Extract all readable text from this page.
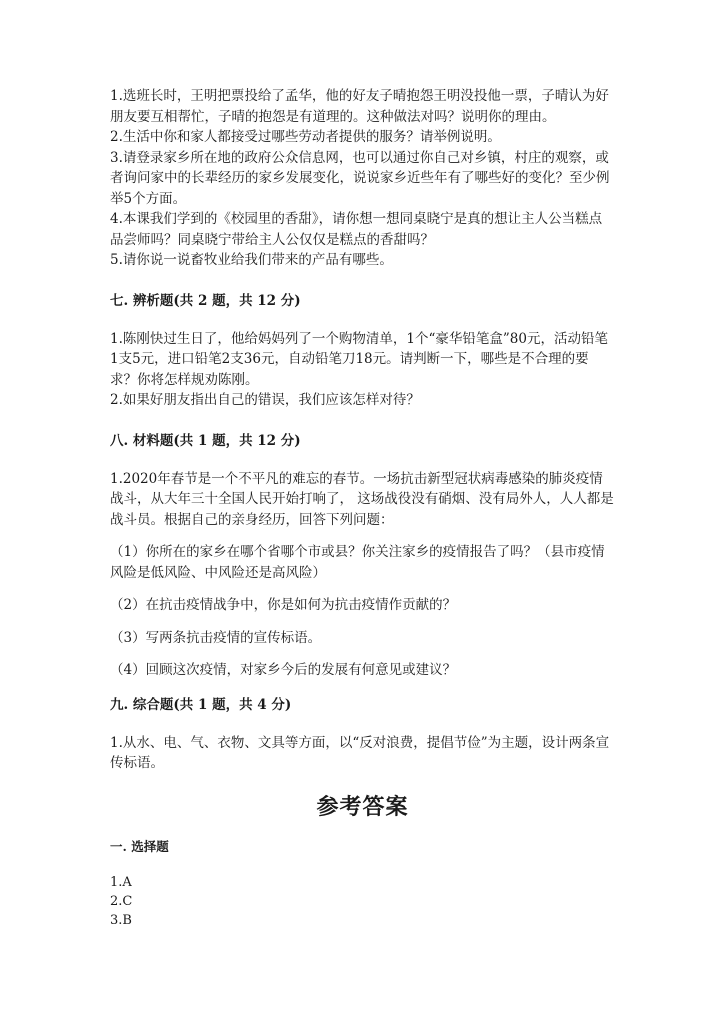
1.选班长时，王明把票投给了孟华，他的好友子晴抱怨王明没投他一票，子晴认为好朋友要互相帮忙，子晴的抱怨是有道理的。这种做法对吗？说明你的理由。

2.生活中你和家人都接受过哪些劳动者提供的服务？请举例说明。

3.请登录家乡所在地的政府公众信息网，也可以通过你自己对乡镇，村庄的观察，或者询问家中的长辈经历的家乡发展变化，说说家乡近些年有了哪些好的变化？至少例举5个方面。

4.本课我们学到的《校园里的香甜》，请你想一想同桌晓宁是真的想让主人公当糕点品尝师吗？同桌晓宁带给主人公仅仅是糕点的香甜吗？

5.请你说一说畜牧业给我们带来的产品有哪些。

七. 辨析题(共 2 题，共 12 分)

1.陈刚快过生日了，他给妈妈列了一个购物清单，1个“豪华铅笔盒”80元，活动铅笔1支5元，进口铅笔2支36元，自动铅笔刀18元。请判断一下，哪些是不合理的要求？你将怎样规劝陈刚。

2.如果好朋友指出自己的错误，我们应该怎样对待？

八. 材料题(共 1 题，共 12 分)

1.2020年春节是一个不平凡的难忘的春节。一场抗击新型冠状病毒感染的肺炎疫情战斗，从大年三十全国人民开始打响了， 这场战役没有硝烟、没有局外人，人人都是战斗员。根据自己的亲身经历，回答下列问题：

（1）你所在的家乡在哪个省哪个市或县？你关注家乡的疫情报告了吗？（县市疫情风险是低风险、中风险还是高风险）

（2）在抗击疫情战争中，你是如何为抗击疫情作贡献的？

（3）写两条抗击疫情的宣传标语。

（4）回顾这次疫情，对家乡今后的发展有何意见或建议？

九. 综合题(共 1 题，共 4 分)

1.从水、电、气、衣物、文具等方面，以“反对浪费，提倡节俭”为主题，设计两条宣传标语。

参考答案

一. 选择题

1.A

2.C

3.B
